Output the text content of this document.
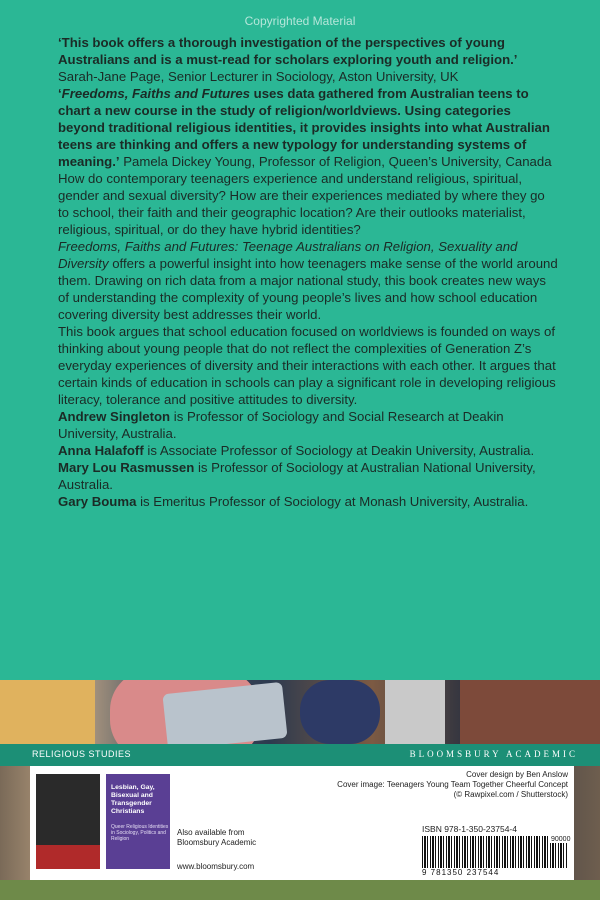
Copyrighted Material

‘This book offers a thorough investigation of the perspectives of young Australians and is a must-read for scholars exploring youth and religion.’ Sarah-Jane Page, Senior Lecturer in Sociology, Aston University, UK

‘Freedoms, Faiths and Futures uses data gathered from Australian teens to chart a new course in the study of religion/worldviews. Using categories beyond traditional religious identities, it provides insights into what Australian teens are thinking and offers a new typology for understanding systems of meaning.’ Pamela Dickey Young, Professor of Religion, Queen’s University, Canada

How do contemporary teenagers experience and understand religious, spiritual, gender and sexual diversity? How are their experiences mediated by where they go to school, their faith and their geographic location? Are their outlooks materialist, religious, spiritual, or do they have hybrid identities?

Freedoms, Faiths and Futures: Teenage Australians on Religion, Sexuality and Diversity offers a powerful insight into how teenagers make sense of the world around them. Drawing on rich data from a major national study, this book creates new ways of understanding the complexity of young people’s lives and how school education covering diversity best addresses their world.

This book argues that school education focused on worldviews is founded on ways of thinking about young people that do not reflect the complexities of Generation Z’s everyday experiences of diversity and their interactions with each other. It argues that certain kinds of education in schools can play a significant role in developing religious literacy, tolerance and positive attitudes to diversity.

Andrew Singleton is Professor of Sociology and Social Research at Deakin University, Australia.

Anna Halafoff is Associate Professor of Sociology at Deakin University, Australia.

Mary Lou Rasmussen is Professor of Sociology at Australian National University, Australia.

Gary Bouma is Emeritus Professor of Sociology at Monash University, Australia.

RELIGIOUS STUDIES	BLOOMSBURY ACADEMIC
Lesbian, Gay, Bisexual and Transgender Christians
Queer Religious Identities in Sociology, Politics and Religion
Also available from
Bloomsbury Academic
www.bloomsbury.com
Cover design by Ben Anslow
Cover image: Teenagers Young Team Together Cheerful Concept
(© Rawpixel.com / Shutterstock)
ISBN 978-1-350-23754-4
90000
9 781350 237544
Copyrighted Material
